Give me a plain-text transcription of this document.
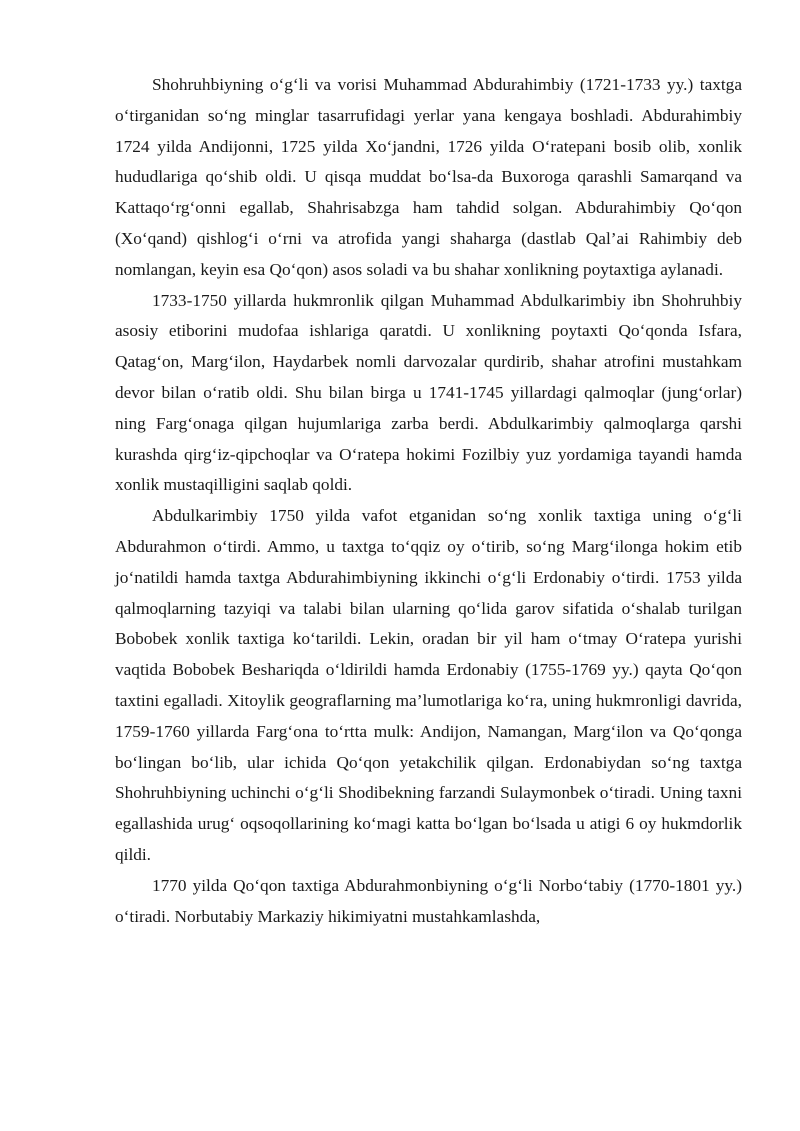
Shohruhbiyning o‘g‘li va vorisi Muhammad Abdurahimbiy (1721-1733 yy.) taxtga o‘tirganidan so‘ng minglar tasarrufidagi yerlar yana kengaya boshladi. Abdurahimbiy 1724 yilda Andijonni, 1725 yilda Xo‘jandni, 1726 yilda O‘ratepani bosib olib, xonlik hududlariga qo‘shib oldi. U qisqa muddat bo‘lsa-da Buxoroga qarashli Samarqand va Kattaqo‘rg‘onni egallab, Shahrisabzga ham tahdid solgan. Abdurahimbiy Qo‘qon (Xo‘qand) qishlog‘i o‘rni va atrofida yangi shaharga (dastlab Qal’ai Rahimbiy deb nomlangan, keyin esa Qo‘qon) asos soladi va bu shahar xonlikning poytaxtiga aylanadi.

1733-1750 yillarda hukmronlik qilgan Muhammad Abdulkarimbiy ibn Shohruhbiy asosiy etiborini mudofaa ishlariga qaratdi. U xonlikning poytaxti Qo‘qonda Isfara, Qatag‘on, Marg‘ilon, Haydarbek nomli darvozalar qurdirib, shahar atrofini mustahkam devor bilan o‘ratib oldi. Shu bilan birga u 1741-1745 yillardagi qalmoqlar (jung‘orlar) ning Farg‘onaga qilgan hujumlariga zarba berdi. Abdulkarimbiy qalmoqlarga qarshi kurashda qirg‘iz-qipchoqlar va O‘ratepa hokimi Fozilbiy yuz yordamiga tayandi hamda xonlik mustaqilligini saqlab qoldi.

Abdulkarimbiy 1750 yilda vafot etganidan so‘ng xonlik taxtiga uning o‘g‘li Abdurahmon o‘tirdi. Ammo, u taxtga to‘qqiz oy o‘tirib, so‘ng Marg‘ilonga hokim etib jo‘natildi hamda taxtga Abdurahimbiyning ikkinchi o‘g‘li Erdonabiy o‘tirdi. 1753 yilda qalmoqlarning tazyiqi va talabi bilan ularning qo‘lida garov sifatida o‘shalab turilgan Bobobek xonlik taxtiga ko‘tarildi. Lekin, oradan bir yil ham o‘tmay O‘ratepa yurishi vaqtida Bobobek Beshariqda o‘ldirildi hamda Erdonabiy (1755-1769 yy.) qayta Qo‘qon taxtini egalladi. Xitoylik geograflarning ma’lumotlariga ko‘ra, uning hukmronligi davrida, 1759-1760 yillarda Farg‘ona to‘rtta mulk: Andijon, Namangan, Marg‘ilon va Qo‘qonga bo‘lingan bo‘lib, ular ichida Qo‘qon yetakchilik qilgan. Erdonabiydan so‘ng taxtga Shohruhbiyning uchinchi o‘g‘li Shodibekning farzandi Sulaymonbek o‘tiradi. Uning taxni egallashida urug‘ oqsoqollarining ko‘magi katta bo‘lgan bo‘lsada u atigi 6 oy hukmdorlik qildi.

1770 yilda Qo‘qon taxtiga Abdurahmonbiyning o‘g‘li Norbo‘tabiy (1770-1801 yy.) o‘tiradi. Norbutabiy Markaziy hikimiyatni mustahkamlashda,
